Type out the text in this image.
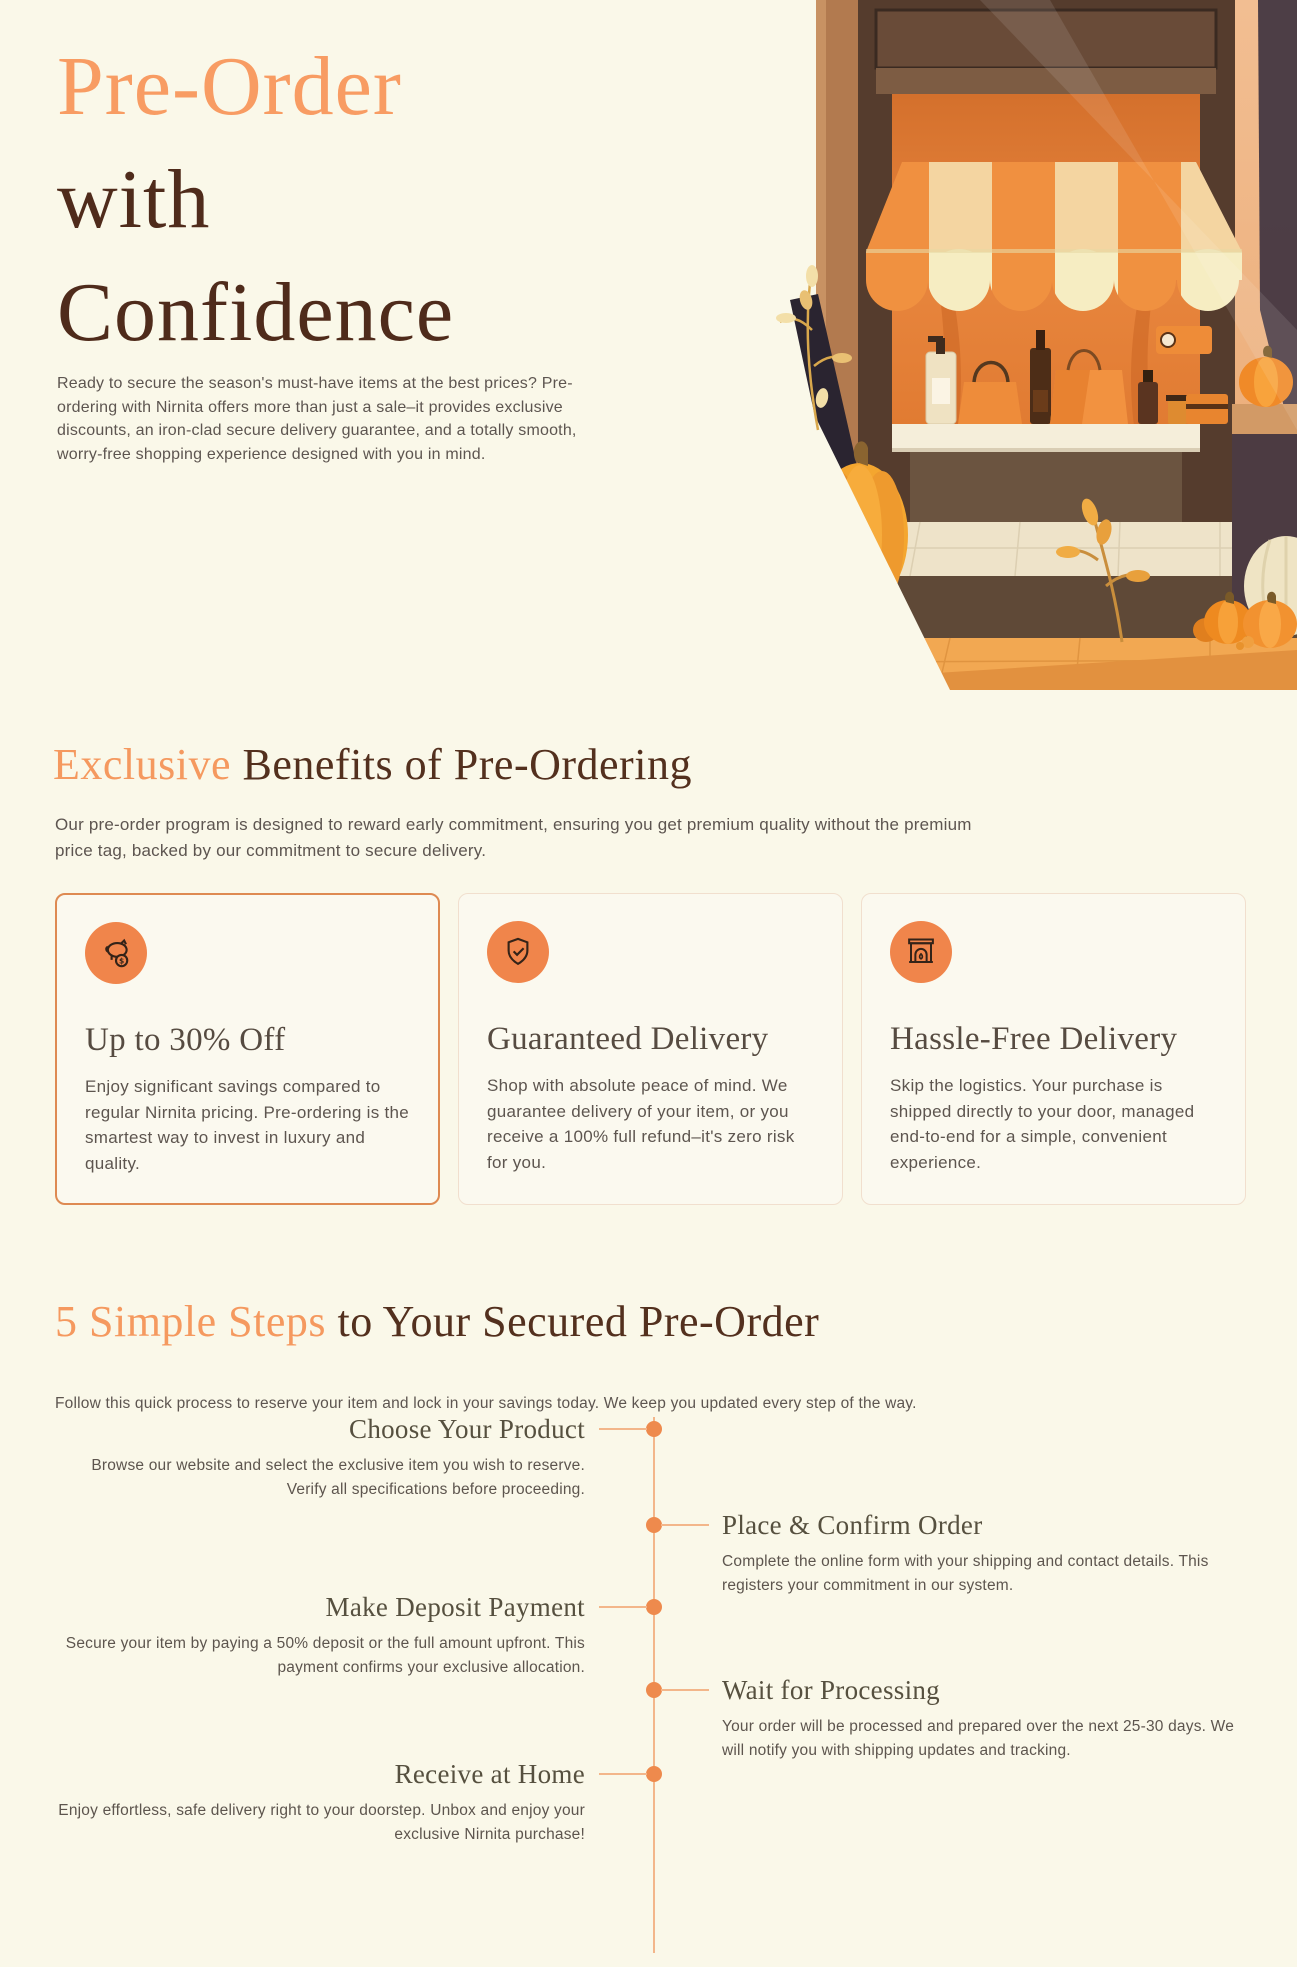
Pre-Order
with
Confidence

Ready to secure the season's must-have items at the best prices? Pre-ordering with Nirnita offers more than just a sale–it provides exclusive discounts, an iron-clad secure delivery guarantee, and a totally smooth, worry-free shopping experience designed with you in mind.

Exclusive Benefits of Pre-Ordering

Our pre-order program is designed to reward early commitment, ensuring you get premium quality without the premium price tag, backed by our commitment to secure delivery.

$
Up to 30% Off
Enjoy significant savings compared to regular Nirnita pricing. Pre-ordering is the smartest way to invest in luxury and quality.
Guaranteed Delivery
Shop with absolute peace of mind. We guarantee delivery of your item, or you receive a 100% full refund–it's zero risk for you.
Hassle-Free Delivery
Skip the logistics. Your purchase is shipped directly to your door, managed end-to-end for a simple, convenient experience.
5 Simple Steps to Your Secured Pre-Order

Follow this quick process to reserve your item and lock in your savings today. We keep you updated every step of the way.

Choose Your Product
Browse our website and select the exclusive item you wish to reserve. Verify all specifications before proceeding.
Place & Confirm Order
Complete the online form with your shipping and contact details. This registers your commitment in our system.
Make Deposit Payment
Secure your item by paying a 50% deposit or the full amount upfront. This payment confirms your exclusive allocation.
Wait for Processing
Your order will be processed and prepared over the next 25-30 days. We will notify you with shipping updates and tracking.
Receive at Home
Enjoy effortless, safe delivery right to your doorstep. Unbox and enjoy your exclusive Nirnita purchase!
